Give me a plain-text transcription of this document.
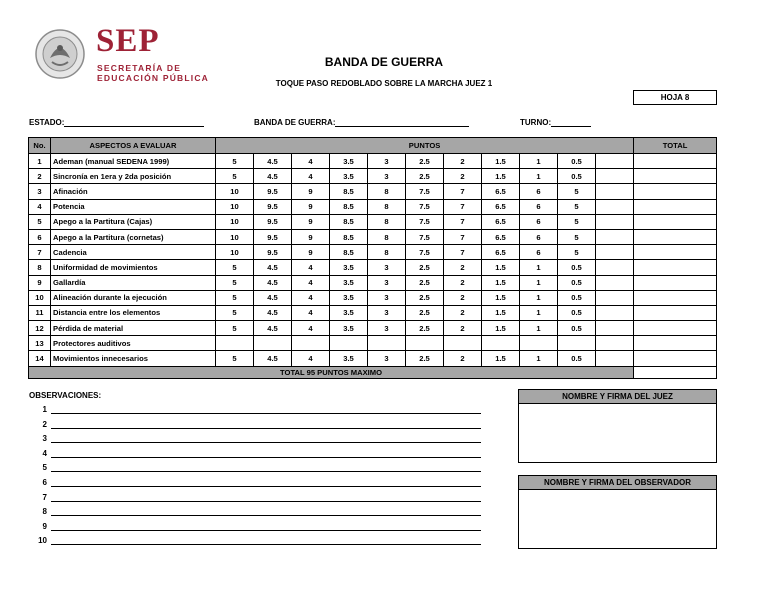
SEP
SECRETARÍA DE
EDUCACIÓN PÚBLICA
BANDA DE GUERRA
TOQUE PASO REDOBLADO SOBRE LA MARCHA JUEZ 1
HOJA 8
ESTADO:	BANDA DE GUERRA:	TURNO:
No.	ASPECTOS A EVALUAR	PUNTOS											TOTAL
1	Ademan (manual SEDENA 1999)	5	4.5	4	3.5	3	2.5	2	1.5	1	0.5		
2	Sincronía en 1era y 2da posición	5	4.5	4	3.5	3	2.5	2	1.5	1	0.5		
3	Afinación	10	9.5	9	8.5	8	7.5	7	6.5	6	5		
4	Potencia	10	9.5	9	8.5	8	7.5	7	6.5	6	5		
5	Apego a la Partitura (Cajas)	10	9.5	9	8.5	8	7.5	7	6.5	6	5		
6	Apego a la Partitura (cornetas)	10	9.5	9	8.5	8	7.5	7	6.5	6	5		
7	Cadencia	10	9.5	9	8.5	8	7.5	7	6.5	6	5		
8	Uniformidad de movimientos	5	4.5	4	3.5	3	2.5	2	1.5	1	0.5		
9	Gallardía	5	4.5	4	3.5	3	2.5	2	1.5	1	0.5		
10	Alineación durante la ejecución	5	4.5	4	3.5	3	2.5	2	1.5	1	0.5		
11	Distancia entre los elementos	5	4.5	4	3.5	3	2.5	2	1.5	1	0.5		
12	Pérdida de material	5	4.5	4	3.5	3	2.5	2	1.5	1	0.5		
13	Protectores auditivos												
14	Movimientos innecesarios	5	4.5	4	3.5	3	2.5	2	1.5	1	0.5		
TOTAL 95 PUNTOS MAXIMO													
OBSERVACIONES:
1
2
3
4
5
6
7
8
9
10
NOMBRE Y FIRMA DEL JUEZ
NOMBRE Y FIRMA DEL OBSERVADOR
